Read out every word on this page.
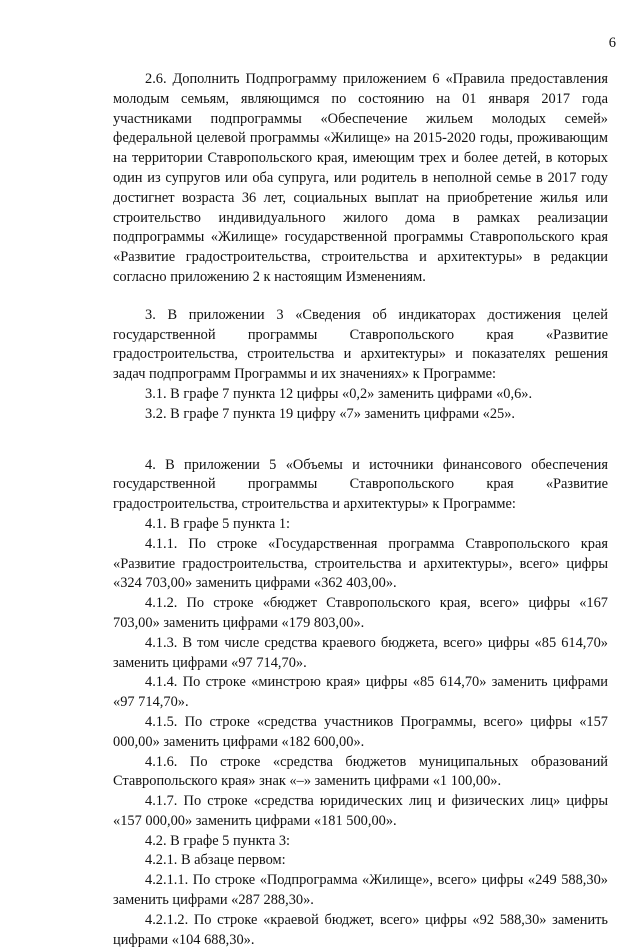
6

2.6. Дополнить Подпрограмму приложением 6 «Правила предоставления молодым семьям, являющимся по состоянию на 01 января 2017 года участниками подпрограммы «Обеспечение жильем молодых семей» федеральной целевой программы «Жилище» на 2015-2020 годы, проживающим на территории Ставропольского края, имеющим трех и более детей, в которых один из супругов или оба супруга, или родитель в неполной семье в 2017 году достигнет возраста 36 лет, социальных выплат на приобретение жилья или строительство индивидуального жилого дома в рамках реализации подпрограммы «Жилище» государственной программы Ставропольского края «Развитие градостроительства, строительства и архитектуры» в редакции согласно приложению 2 к настоящим Изменениям.

3. В приложении 3 «Сведения об индикаторах достижения целей государственной программы Ставропольского края «Развитие градостроительства, строительства и архитектуры» и показателях решения задач подпрограмм Программы и их значениях» к Программе:

3.1. В графе 7 пункта 12 цифры «0,2» заменить цифрами «0,6».

3.2. В графе 7 пункта 19 цифру «7» заменить цифрами «25».

4. В приложении 5 «Объемы и источники финансового обеспечения государственной программы Ставропольского края «Развитие градостроительства, строительства и архитектуры» к Программе:

4.1. В графе 5 пункта 1:

4.1.1. По строке «Государственная программа Ставропольского края «Развитие градостроительства, строительства и архитектуры», всего» цифры «324 703,00» заменить цифрами «362 403,00».

4.1.2. По строке «бюджет Ставропольского края, всего» цифры «167 703,00» заменить цифрами «179 803,00».

4.1.3. В том числе средства краевого бюджета, всего» цифры «85 614,70» заменить цифрами «97 714,70».

4.1.4. По строке «минстрою края» цифры «85 614,70» заменить цифрами «97 714,70».

4.1.5. По строке «средства участников Программы, всего» цифры «157 000,00» заменить цифрами «182 600,00».

4.1.6. По строке «средства бюджетов муниципальных образований Ставропольского края» знак «–» заменить цифрами «1 100,00».

4.1.7. По строке «средства юридических лиц и физических лиц» цифры «157 000,00» заменить цифрами «181 500,00».

4.2. В графе 5 пункта 3:

4.2.1. В абзаце первом:

4.2.1.1. По строке «Подпрограмма «Жилище», всего» цифры «249 588,30» заменить цифрами «287 288,30».

4.2.1.2. По строке «краевой бюджет, всего» цифры «92 588,30» заменить цифрами «104 688,30».
